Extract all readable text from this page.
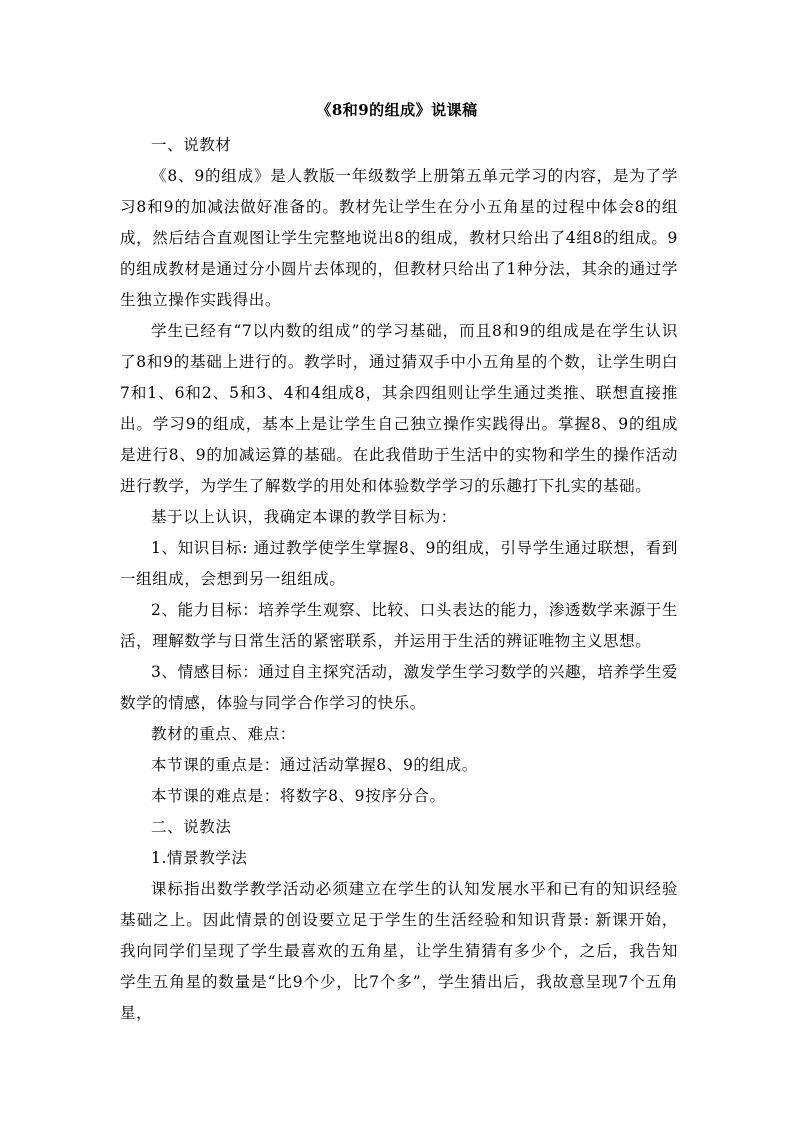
《8和9的组成》说课稿

一、说教材

《8、9的组成》是人教版一年级数学上册第五单元学习的内容，是为了学习8和9的加减法做好准备的。教材先让学生在分小五角星的过程中体会8的组成，然后结合直观图让学生完整地说出8的组成，教材只给出了4组8的组成。9的组成教材是通过分小圆片去体现的，但教材只给出了1种分法，其余的通过学生独立操作实践得出。

学生已经有“7以内数的组成”的学习基础，而且8和9的组成是在学生认识了8和9的基础上进行的。教学时，通过猜双手中小五角星的个数，让学生明白7和1、6和2、5和3、4和4组成8，其余四组则让学生通过类推、联想直接推出。学习9的组成，基本上是让学生自己独立操作实践得出。掌握8、9的组成是进行8、9的加减运算的基础。在此我借助于生活中的实物和学生的操作活动进行教学，为学生了解数学的用处和体验数学学习的乐趣打下扎实的基础。

基于以上认识，我确定本课的教学目标为：

1、知识目标: 通过教学使学生掌握8、9的组成，引导学生通过联想，看到一组组成，会想到另一组组成。

2、能力目标：培养学生观察、比较、口头表达的能力，渗透数学来源于生活，理解数学与日常生活的紧密联系，并运用于生活的辨证唯物主义思想。

3、情感目标：通过自主探究活动，激发学生学习数学的兴趣，培养学生爱数学的情感，体验与同学合作学习的快乐。

教材的重点、难点：

本节课的重点是：通过活动掌握8、9的组成。

本节课的难点是：将数字8、9按序分合。

二、说教法

1.情景教学法

课标指出数学教学活动必须建立在学生的认知发展水平和已有的知识经验基础之上。因此情景的创设要立足于学生的生活经验和知识背景: 新课开始，我向同学们呈现了学生最喜欢的五角星，让学生猜猜有多少个，之后，我告知学生五角星的数量是“比9个少，比7个多”，学生猜出后，我故意呈现7个五角星，
